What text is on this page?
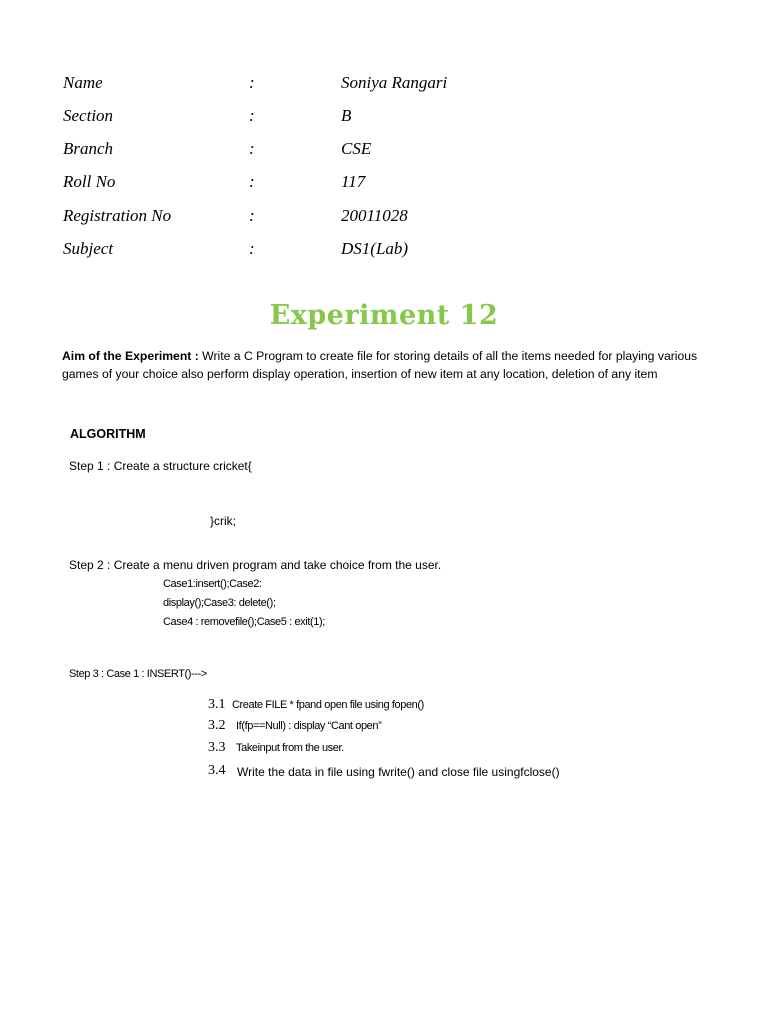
Name	:	Soniya Rangari
Section	:	B
Branch	:	CSE
Roll No	:	117
Registration No	:	20011028
Subject	:	DS1(Lab)
Experiment 12
Aim of the Experiment : Write a C Program to create file for storing details of all the items needed for playing various games of your choice also perform display operation, insertion of new item at any location, deletion of any item
ALGORITHM
Step 1 : Create a structure cricket{
}crik;
Step 2 : Create a menu driven program and take choice from the user.
Case1:insert();Case2:
display();Case3: delete();
Case4 : removefile();Case5 : exit(1);
Step 3 : Case 1 : INSERT()--->
3.1 Create FILE * fpand open file using fopen()
3.2 If(fp==Null) : display “Cant open”
3.3 Takeinput from the user.
3.4 Write the data in file using fwrite() and close file usingfclose()
